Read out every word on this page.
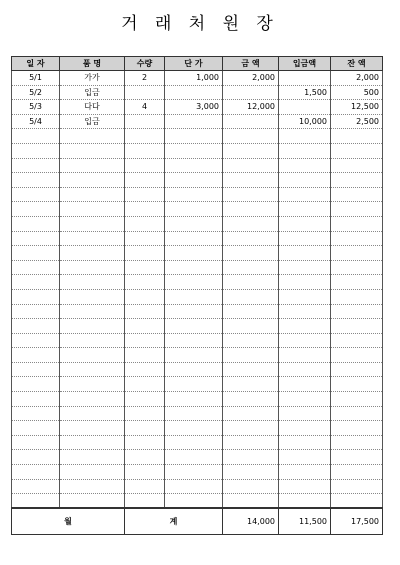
거 래 처 원 장
일 자	품 명	수량	단 가	금 액	입금액	잔 액
5/1	가가	2	1,000	2,000		2,000
5/2	입금				1,500	500
5/3	다다	4	3,000	12,000		12,500
5/4	입금				10,000	2,500

월		계		14,000	11,500	17,500
